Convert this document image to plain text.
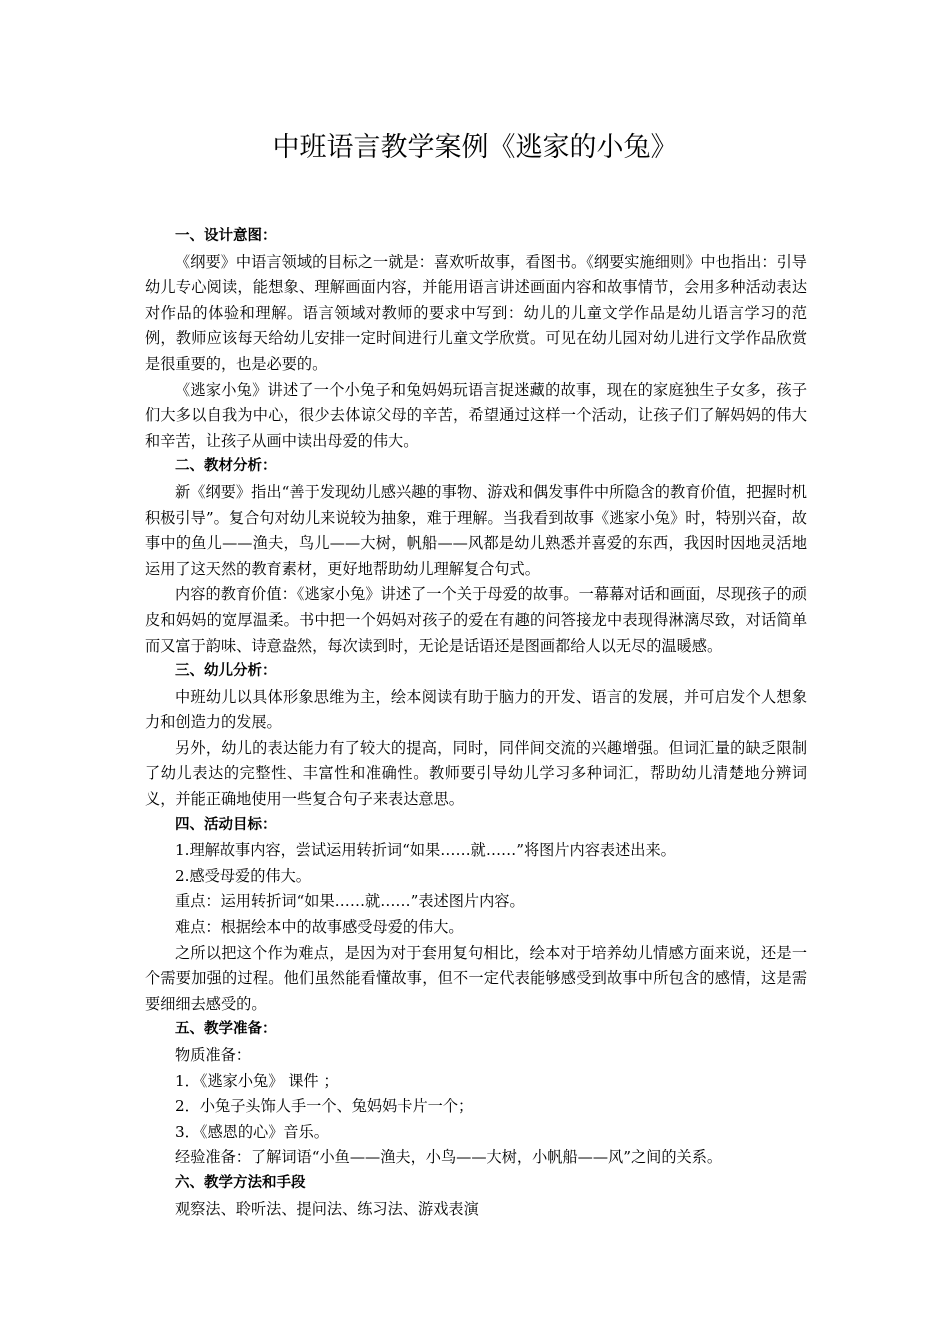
中班语言教学案例《逃家的小兔》

一、设计意图：

《纲要》中语言领域的目标之一就是：喜欢听故事，看图书。《纲要实施细则》中也指出：引导幼儿专心阅读，能想象、理解画面内容，并能用语言讲述画面内容和故事情节，会用多种活动表达对作品的体验和理解。语言领域对教师的要求中写到：幼儿的儿童文学作品是幼儿语言学习的范例，教师应该每天给幼儿安排一定时间进行儿童文学欣赏。可见在幼儿园对幼儿进行文学作品欣赏是很重要的，也是必要的。

《逃家小兔》讲述了一个小兔子和兔妈妈玩语言捉迷藏的故事，现在的家庭独生子女多，孩子们大多以自我为中心，很少去体谅父母的辛苦，希望通过这样一个活动，让孩子们了解妈妈的伟大和辛苦，让孩子从画中读出母爱的伟大。

二、教材分析：

新《纲要》指出“善于发现幼儿感兴趣的事物、游戏和偶发事件中所隐含的教育价值，把握时机积极引导”。复合句对幼儿来说较为抽象，难于理解。当我看到故事《逃家小兔》时，特别兴奋，故事中的鱼儿——渔夫，鸟儿——大树，帆船——风都是幼儿熟悉并喜爱的东西，我因时因地灵活地运用了这天然的教育素材，更好地帮助幼儿理解复合句式。

内容的教育价值：《逃家小兔》讲述了一个关于母爱的故事。一幕幕对话和画面，尽现孩子的顽皮和妈妈的宽厚温柔。书中把一个妈妈对孩子的爱在有趣的问答接龙中表现得淋漓尽致，对话简单而又富于韵味、诗意盎然，每次读到时，无论是话语还是图画都给人以无尽的温暖感。

三、幼儿分析：

中班幼儿以具体形象思维为主，绘本阅读有助于脑力的开发、语言的发展，并可启发个人想象力和创造力的发展。

另外，幼儿的表达能力有了较大的提高，同时，同伴间交流的兴趣增强。但词汇量的缺乏限制了幼儿表达的完整性、丰富性和准确性。教师要引导幼儿学习多种词汇，帮助幼儿清楚地分辨词义，并能正确地使用一些复合句子来表达意思。

四、活动目标：

1.理解故事内容，尝试运用转折词“如果……就……”将图片内容表述出来。

2.感受母爱的伟大。

重点：运用转折词“如果……就……”表述图片内容。

难点：根据绘本中的故事感受母爱的伟大。

之所以把这个作为难点，是因为对于套用复句相比，绘本对于培养幼儿情感方面来说，还是一个需要加强的过程。他们虽然能看懂故事，但不一定代表能够感受到故事中所包含的感情，这是需要细细去感受的。

五、教学准备：

物质准备：

1．《逃家小兔》 课件 ；

2．小兔子头饰人手一个、兔妈妈卡片一个；

3．《感恩的心》音乐。

经验准备：了解词语“小鱼——渔夫，小鸟——大树，小帆船——风”之间的关系。

六、教学方法和手段

观察法、聆听法、提问法、练习法、游戏表演
